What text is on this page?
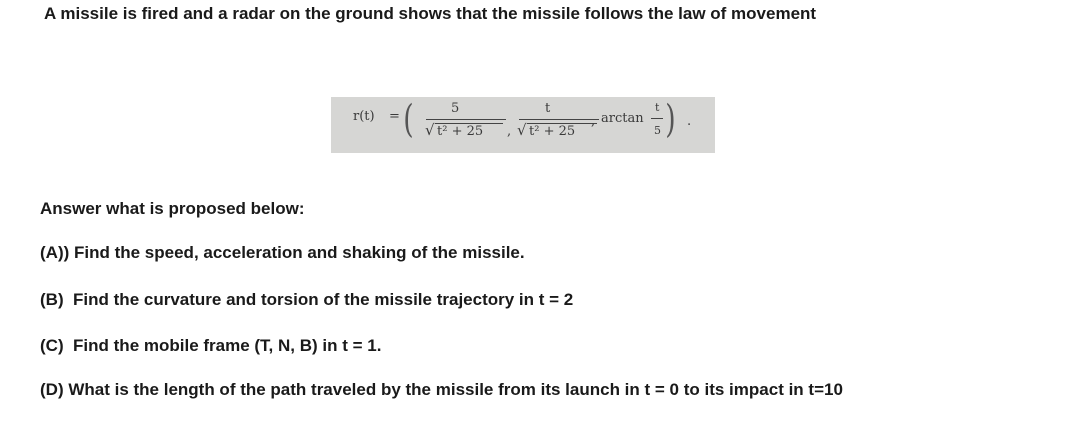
A missile is fired and a radar on the ground shows that the missile follows the law of movement
r(t) = (	5
√ t² + 25 ,
t
√ t² + 25
, arctan
t
5 ) .
Answer what is proposed below:
(A)) Find the speed, acceleration and shaking of the missile.
(B)  Find the curvature and torsion of the missile trajectory in t = 2
(C)  Find the mobile frame (T, N, B) in t = 1.
(D) What is the length of the path traveled by the missile from its launch in t = 0 to its impact in t=10
